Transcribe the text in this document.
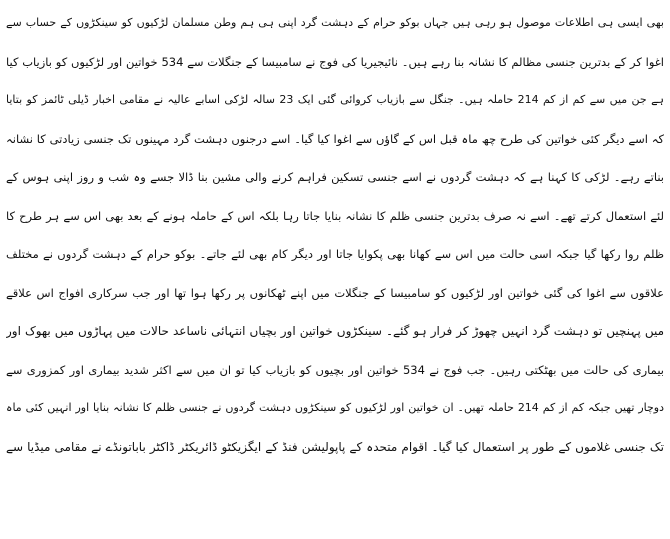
بھی ایسی ہی اطلاعات موصول ہو رہی ہیں جہاں بوکو حرام کے دہشت گرد اپنی ہی ہم وطن مسلمان لڑکیوں کو سینکڑوں کے حساب سے
اغوا کر کے بدترین جنسی مظالم کا نشانہ بنا رہے ہیں۔ نائیجیریا کی فوج نے سامبیسا کے جنگلات سے 534 خواتین اور لڑکیوں کو بازیاب کیا
ہے جن میں سے کم از کم 214 حاملہ ہیں۔ جنگل سے بازیاب کروائی گئی ایک 23 سالہ لڑکی اسابے عالیہ نے مقامی اخبار ڈیلی ٹائمز کو بتایا
کہ اسے دیگر کئی خواتین کی طرح چھ ماہ قبل اس کے گاؤں سے اغوا کیا گیا۔ اسے درجنوں دہشت گرد مہینوں تک جنسی زیادتی کا نشانہ
بناتے رہے۔ لڑکی کا کہنا ہے کہ دہشت گردوں نے اسے جنسی تسکین فراہم کرنے والی مشین بنا ڈالا جسے وہ شب و روز اپنی ہوس کے
لئے استعمال کرتے تھے۔ اسے نہ صرف بدترین جنسی ظلم کا نشانہ بنایا جاتا رہا بلکہ اس کے حاملہ ہونے کے بعد بھی اس سے ہر طرح کا
ظلم روا رکھا گیا جبکہ اسی حالت میں اس سے کھانا بھی پکوایا جاتا اور دیگر کام بھی لئے جاتے۔ بوکو حرام کے دہشت گردوں نے مختلف
علاقوں سے اغوا کی گئی خواتین اور لڑکیوں کو سامبیسا کے جنگلات میں اپنے ٹھکانوں پر رکھا ہوا تھا اور جب سرکاری افواج اس علاقے
میں پہنچیں تو دہشت گرد انہیں چھوڑ کر فرار ہو گئے۔ سینکڑوں خواتین اور بچیاں انتہائی ناساعد حالات میں پہاڑوں میں بھوک اور
بیماری کی حالت میں بھٹکتی رہیں۔ جب فوج نے 534 خواتین اور بچیوں کو بازیاب کیا تو ان میں سے اکثر شدید بیماری اور کمزوری سے
دوچار تھیں جبکہ کم از کم 214 حاملہ تھیں۔ ان خواتین اور لڑکیوں کو سینکڑوں دہشت گردوں نے جنسی ظلم کا نشانہ بنایا اور انہیں کئی ماہ
تک جنسی غلاموں کے طور پر استعمال کیا گیا۔ اقوام متحدہ کے پاپولیشن فنڈ کے ایگزیکٹو ڈائریکٹر ڈاکٹر باباتونڈے نے مقامی میڈیا سے
